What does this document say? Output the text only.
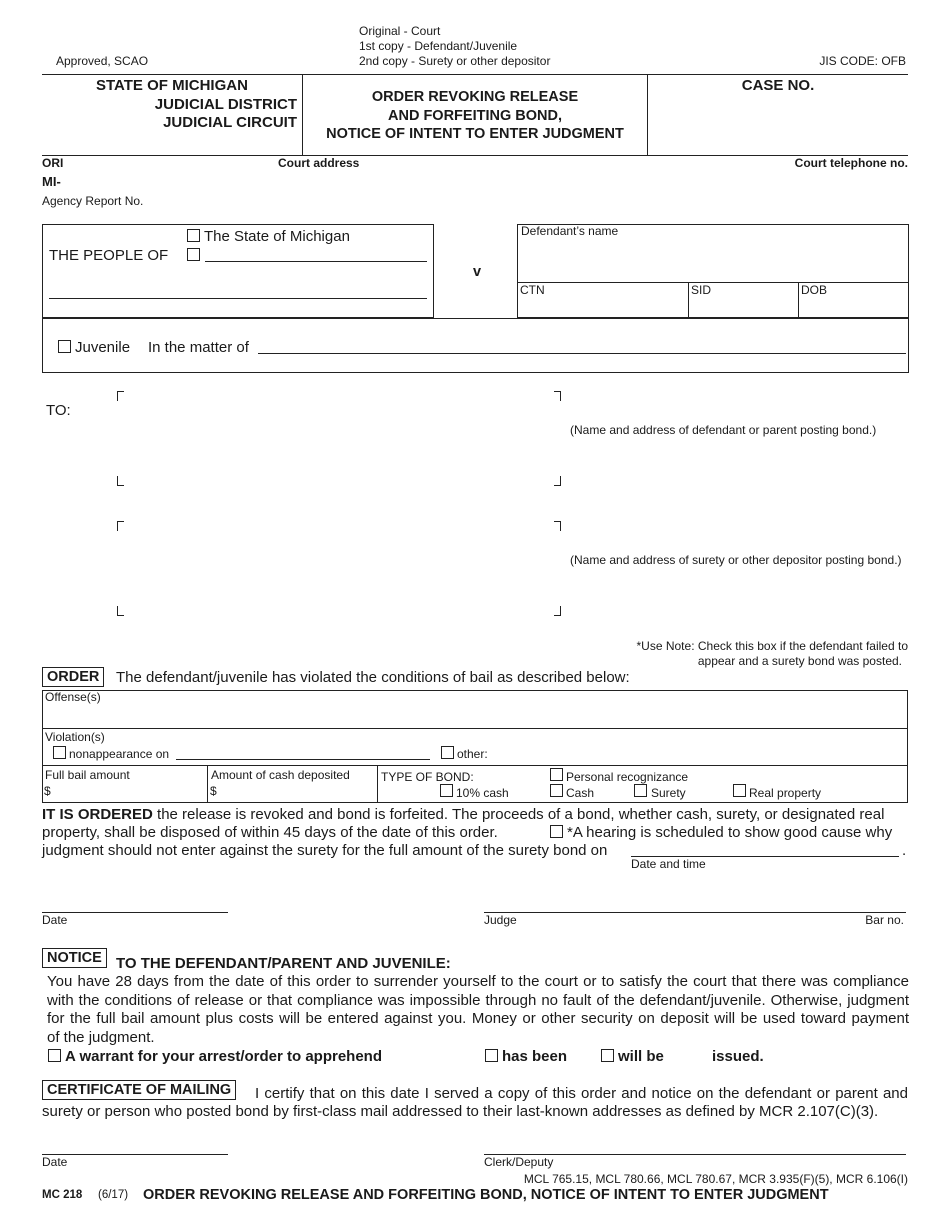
Approved, SCAO
Original - Court
1st copy - Defendant/Juvenile
2nd copy - Surety or other depositor	JIS CODE: OFB
STATE OF MICHIGAN
JUDICIAL DISTRICT
JUDICIAL CIRCUIT
ORDER REVOKING RELEASE
AND FORFEITING BOND,
NOTICE OF INTENT TO ENTER JUDGMENT
CASE NO.
ORI
MI-
Agency Report No.
Court address	Court telephone no.
THE PEOPLE OF
The State of Michigan
v
Defendant’s name
CTN	SID	DOB
Juvenile In the matter of
TO:
(Name and address of defendant or parent posting bond.)
(Name and address of surety or other depositor posting bond.)
*Use Note: Check this box if the defendant failed to
appear and a surety bond was posted.
ORDER	The defendant/juvenile has violated the conditions of bail as described below:
Offense(s)
Violation(s)
nonappearance on	other:
Full bail amount
$
Amount of cash deposited
$
TYPE OF BOND:	Personal recognizance
10% cash	Cash	Surety	Real property
IT IS ORDERED the release is revoked and bond is forfeited. The proceeds of a bond, whether cash, surety, or designated real
property, shall be disposed of within 45 days of the date of this order.	*A hearing is scheduled to show good cause why
judgment should not enter against the surety for the full amount of the surety bond on	.
Date and time
Date	Judge	Bar no.
NOTICE TO THE DEFENDANT/PARENT AND JUVENILE:
You have 28 days from the date of this order to surrender yourself to the court or to satisfy the court that there was compliance
with the conditions of release or that compliance was impossible through no fault of the defendant/juvenile. Otherwise, judgment
for the full bail amount plus costs will be entered against you. Money or other security on deposit will be used toward payment
of the judgment.
A warrant for your arrest/order to apprehend	has been	will be	issued.
CERTIFICATE OF MAILING	I certify that on this date I served a copy of this order and notice on the defendant or parent and
surety or person who posted bond by first-class mail addressed to their last-known addresses as defined by MCR 2.107(C)(3).
Date	Clerk/Deputy
MCL 765.15, MCL 780.66, MCL 780.67, MCR 3.935(F)(5), MCR 6.106(I)
MC 218 (6/17) ORDER REVOKING RELEASE AND FORFEITING BOND, NOTICE OF INTENT TO ENTER JUDGMENT
